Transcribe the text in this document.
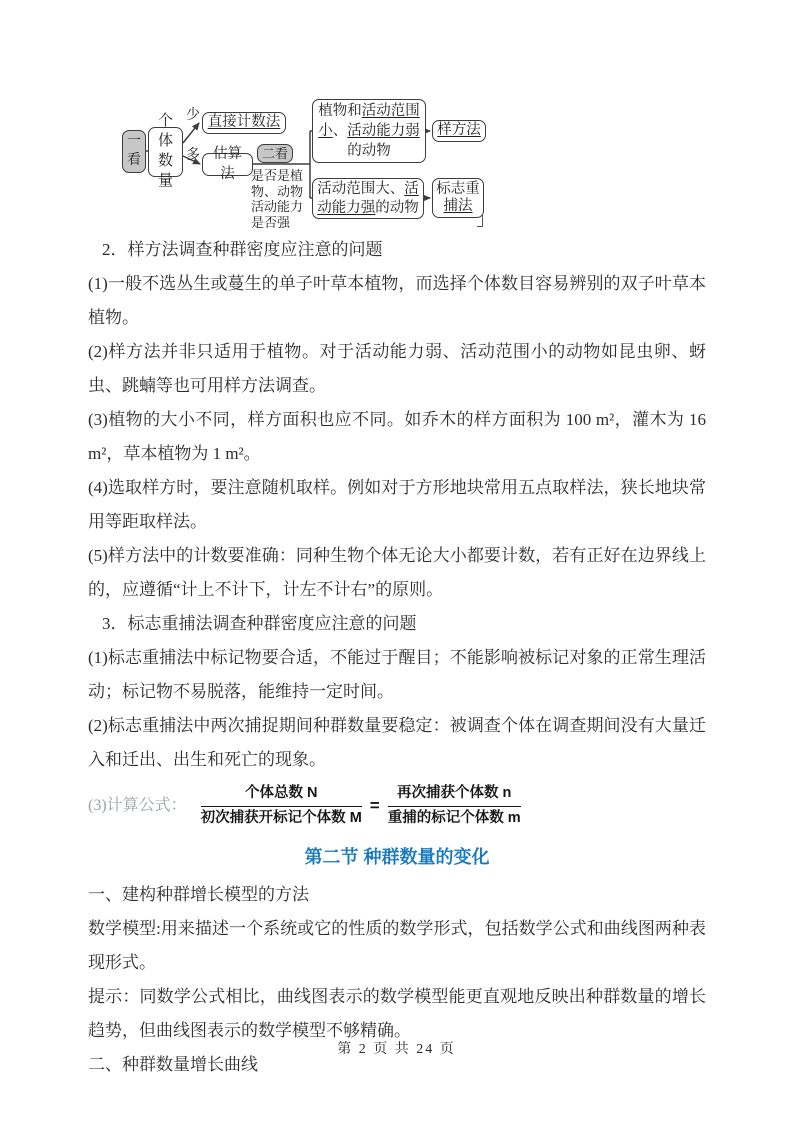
一看
个体数量
少 直接计数法
多 估算法
二看
是否是植物、动物活动能力是否强
植物和活动范围小、活动能力弱的动物
样方法
活动范围大、活动能力强的动物
标志重
捕法

2．样方法调查种群密度应注意的问题

(1)一般不选丛生或蔓生的单子叶草本植物，而选择个体数目容易辨别的双子叶草本植物。

(2)样方法并非只适用于植物。对于活动能力弱、活动范围小的动物如昆虫卵、蚜虫、跳蝻等也可用样方法调查。

(3)植物的大小不同，样方面积也应不同。如乔木的样方面积为 100 m²，灌木为 16 m²，草本植物为 1 m²。

(4)选取样方时，要注意随机取样。例如对于方形地块常用五点取样法，狭长地块常用等距取样法。

(5)样方法中的计数要准确：同种生物个体无论大小都要计数，若有正好在边界线上的，应遵循“计上不计下，计左不计右”的原则。

3．标志重捕法调查种群密度应注意的问题

(1)标志重捕法中标记物要合适，不能过于醒目；不能影响被标记对象的正常生理活动；标记物不易脱落，能维持一定时间。

(2)标志重捕法中两次捕捉期间种群数量要稳定：被调查个体在调查期间没有大量迁入和迁出、出生和死亡的现象。

(3)计算公式： $\frac{\text{个体总数 N}}{\text{初次捕获开标记个体数 M}} = \frac{\text{再次捕获个体数 n}}{\text{重捕的标记个体数 m}}$
第二节 种群数量的变化

一、建构种群增长模型的方法

数学模型:用来描述一个系统或它的性质的数学形式，包括数学公式和曲线图两种表现形式。

提示：同数学公式相比，曲线图表示的数学模型能更直观地反映出种群数量的增长趋势，但曲线图表示的数学模型不够精确。

二、种群数量增长曲线

第 2 页 共 24 页
